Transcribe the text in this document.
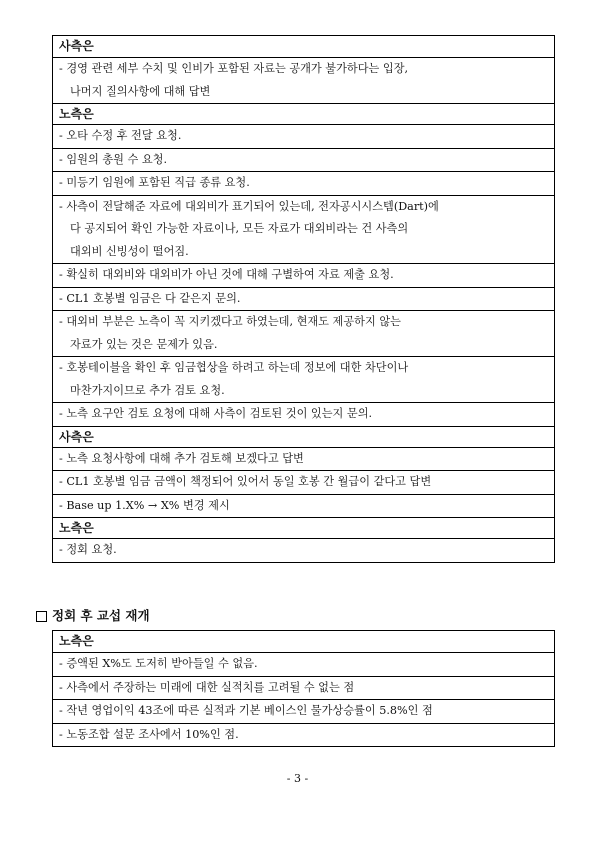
사측은
- 경영 관련 세부 수치 및 인비가 포함된 자료는 공개가 불가하다는 입장,
나머지 질의사항에 대해 답변
노측은
- 오타 수정 후 전달 요청.
- 임원의 총원 수 요청.
- 미등기 임원에 포함된 직급 종류 요청.
- 사측이 전달해준 자료에 대외비가 표기되어 있는데, 전자공시시스템(Dart)에
다 공지되어 확인 가능한 자료이나, 모든 자료가 대외비라는 건 사측의
대외비 신빙성이 떨어짐.
- 확실히 대외비와 대외비가 아닌 것에 대해 구별하여 자료 제출 요청.
- CL1 호봉별 임금은 다 같은지 문의.
- 대외비 부분은 노측이 꼭 지키겠다고 하였는데, 현재도 제공하지 않는
자료가 있는 것은 문제가 있음.
- 호봉테이블을 확인 후 임금협상을 하려고 하는데 정보에 대한 차단이나
마찬가지이므로 추가 검토 요청.
- 노측 요구안 검토 요청에 대해 사측이 검토된 것이 있는지 문의.
사측은
- 노측 요청사항에 대해 추가 검토해 보겠다고 답변
- CL1 호봉별 임금 금액이 책정되어 있어서 동일 호봉 간 월급이 같다고 답변
- Base up 1.X% → X% 변경 제시
노측은
- 정회 요청.
정회 후 교섭 재개
노측은
- 증액된 X%도 도저히 받아들일 수 없음.
- 사측에서 주장하는 미래에 대한 실적치를 고려될 수 없는 점
- 작년 영업이익 43조에 따른 실적과 기본 베이스인 물가상승률이 5.8%인 점
- 노동조합 설문 조사에서 10%인 점.
- 3 -
